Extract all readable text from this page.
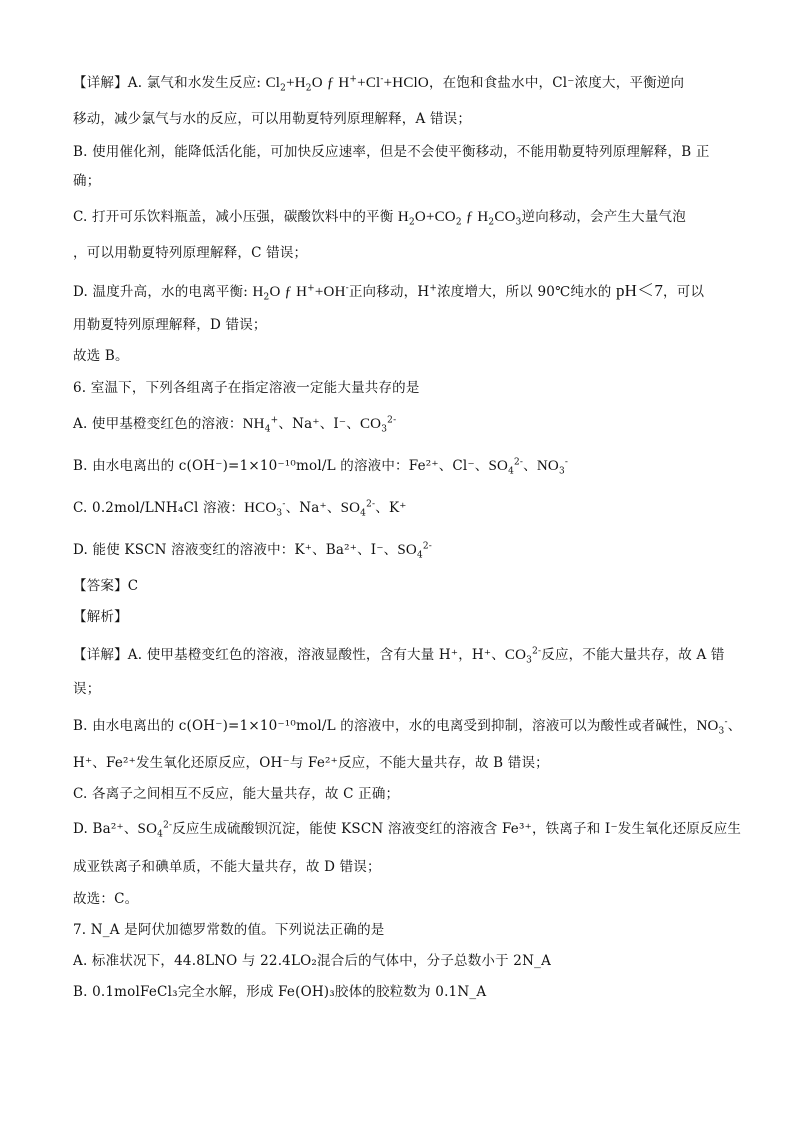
【详解】A. 氯气和水发生反应: $Cl_2+H_2O$ ƒ H++Cl-+HClO，在饱和食盐水中，Cl⁻浓度大，平衡逆向
移动，减少氯气与水的反应，可以用勒夏特列原理解释，A 错误；
B. 使用催化剂，能降低活化能，可加快反应速率，但是不会使平衡移动，不能用勒夏特列原理解释，B 正
确；
C. 打开可乐饮料瓶盖，减小压强，碳酸饮料中的平衡 $H_2O+CO_2$ ƒ $H_2CO_3$逆向移动，会产生大量气泡
，可以用勒夏特列原理解释，C 错误；
D. 温度升高，水的电离平衡: $H_2O$ ƒ H++OH-正向移动，H+浓度增大，所以 90℃纯水的 pH＜7，可以
用勒夏特列原理解释，D 错误；
故选 B。
6. 室温下，下列各组离子在指定溶液一定能大量共存的是
A. 使甲基橙变红色的溶液：$NH_4^+$、Na⁺、I⁻、$CO_3^{2-}$
B. 由水电离出的 c(OH⁻)=1×10⁻¹⁰mol/L 的溶液中：Fe²⁺、Cl⁻、$SO_4^{2-}$、$NO_3^-$
C. 0.2mol/LNH₄Cl 溶液：$HCO_3^-$、Na⁺、$SO_4^{2-}$、K⁺
D. 能使 KSCN 溶液变红的溶液中：K⁺、Ba²⁺、I⁻、$SO_4^{2-}$
【答案】C
【解析】
【详解】A. 使甲基橙变红色的溶液，溶液显酸性，含有大量 H⁺，H⁺、$CO_3^{2-}$反应，不能大量共存，故 A 错
误；
B. 由水电离出的 c(OH⁻)=1×10⁻¹⁰mol/L 的溶液中，水的电离受到抑制，溶液可以为酸性或者碱性，$NO_3^-$、
H⁺、Fe²⁺发生氧化还原反应，OH⁻与 Fe²⁺反应，不能大量共存，故 B 错误；
C. 各离子之间相互不反应，能大量共存，故 C 正确；
D. Ba²⁺、$SO_4^{2-}$反应生成硫酸钡沉淀，能使 KSCN 溶液变红的溶液含 Fe³⁺，铁离子和 I⁻发生氧化还原反应生
成亚铁离子和碘单质，不能大量共存，故 D 错误；
故选：C。
7. N_A 是阿伏加德罗常数的值。下列说法正确的是
A. 标准状况下，44.8LNO 与 22.4LO₂混合后的气体中，分子总数小于 2N_A
B. 0.1molFeCl₃完全水解，形成 Fe(OH)₃胶体的胶粒数为 0.1N_A
